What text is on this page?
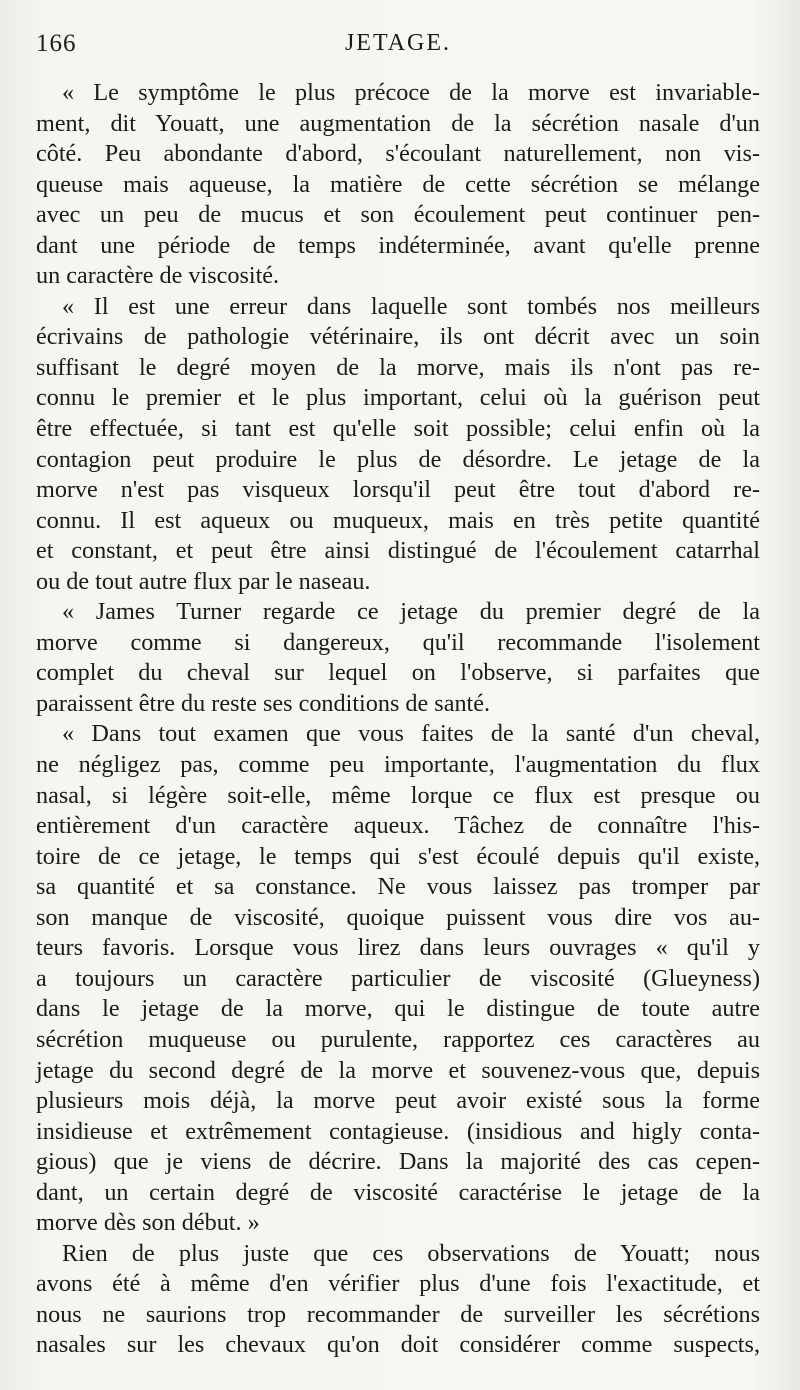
166	JETAGE.
« Le symptôme le plus précoce de la morve est invariable-
ment, dit Youatt, une augmentation de la sécrétion nasale d'un
côté. Peu abondante d'abord, s'écoulant naturellement, non vis-
queuse mais aqueuse, la matière de cette sécrétion se mélange
avec un peu de mucus et son écoulement peut continuer pen-
dant une période de temps indéterminée, avant qu'elle prenne
un caractère de viscosité.
« Il est une erreur dans laquelle sont tombés nos meilleurs
écrivains de pathologie vétérinaire, ils ont décrit avec un soin
suffisant le degré moyen de la morve, mais ils n'ont pas re-
connu le premier et le plus important, celui où la guérison peut
être effectuée, si tant est qu'elle soit possible; celui enfin où la
contagion peut produire le plus de désordre. Le jetage de la
morve n'est pas visqueux lorsqu'il peut être tout d'abord re-
connu. Il est aqueux ou muqueux, mais en très petite quantité
et constant, et peut être ainsi distingué de l'écoulement catarrhal
ou de tout autre flux par le naseau.
« James Turner regarde ce jetage du premier degré de la
morve comme si dangereux, qu'il recommande l'isolement
complet du cheval sur lequel on l'observe, si parfaites que
paraissent être du reste ses conditions de santé.
« Dans tout examen que vous faites de la santé d'un cheval,
ne négligez pas, comme peu importante, l'augmentation du flux
nasal, si légère soit-elle, même lorque ce flux est presque ou
entièrement d'un caractère aqueux. Tâchez de connaître l'his-
toire de ce jetage, le temps qui s'est écoulé depuis qu'il existe,
sa quantité et sa constance. Ne vous laissez pas tromper par
son manque de viscosité, quoique puissent vous dire vos au-
teurs favoris. Lorsque vous lirez dans leurs ouvrages « qu'il y
a toujours un caractère particulier de viscosité (Glueyness)
dans le jetage de la morve, qui le distingue de toute autre
sécrétion muqueuse ou purulente, rapportez ces caractères au
jetage du second degré de la morve et souvenez-vous que, depuis
plusieurs mois déjà, la morve peut avoir existé sous la forme
insidieuse et extrêmement contagieuse. (insidious and higly conta-
gious) que je viens de décrire. Dans la majorité des cas cepen-
dant, un certain degré de viscosité caractérise le jetage de la
morve dès son début. »
Rien de plus juste que ces observations de Youatt; nous
avons été à même d'en vérifier plus d'une fois l'exactitude, et
nous ne saurions trop recommander de surveiller les sécrétions
nasales sur les chevaux qu'on doit considérer comme suspects,
